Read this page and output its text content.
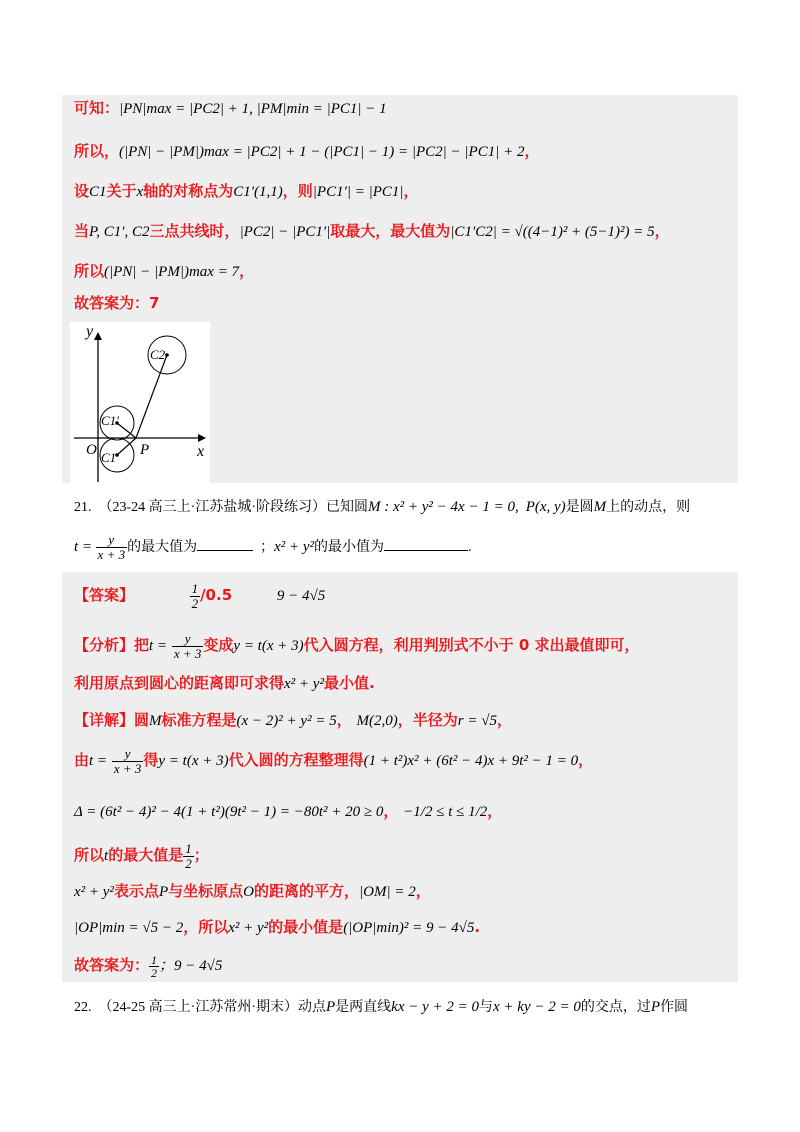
可知：|PN|max = |PC2| + 1, |PM|min = |PC1| − 1
所以，(|PN| − |PM|)max = |PC2| + 1 − (|PC1| − 1) = |PC2| − |PC1| + 2，
设C1关于x轴的对称点为C1′(1,1)，则|PC1′| = |PC1|，
当P, C1′, C2三点共线时，|PC2| − |PC1′|取最大，最大值为|C1′C2| = √((4−1)² + (5−1)²) = 5，
所以(|PN| − |PM|)max = 7，
故答案为：7
y
x
O	P
C2
C1′
C1
21. （23-24 高三上·江苏盐城·阶段练习）已知圆M : x² + y² − 4x − 1 = 0, P(x, y)是圆M上的动点，则
$t = \frac{y}{x + 3}$ 的最大值为	；x² + y²的最小值为	.
【答案】	$\frac{1}{2} /0.5$	9 − 4√5
【分析】把$t = \frac{y}{x + 3}$ 变成y = t(x + 3)代入圆方程，利用判别式不小于 0 求出最值即可，
利用原点到圆心的距离即可求得x² + y²最小值.
【详解】圆M标准方程是(x − 2)² + y² = 5， M(2,0)，半径为r = √5，
由$t = \frac{y}{x + 3}$ 得y = t(x + 3)代入圆的方程整理得(1 + t²)x² + (6t² − 4)x + 9t² − 1 = 0，
Δ = (6t² − 4)² − 4(1 + t²)(9t² − 1) = −80t² + 20 ≥ 0， −1/2 ≤ t ≤ 1/2，
所以t的最大值是 $\frac{1}{2}$ ；
x² + y²表示点P与坐标原点O的距离的平方，|OM| = 2，
|OP|min = √5 − 2，所以x² + y²的最小值是(|OP|min)² = 9 − 4√5.
故答案为： $\frac{1}{2}$ ；9 − 4√5
22. （24-25 高三上·江苏常州·期末）动点P是两直线kx − y + 2 = 0与x + ky − 2 = 0的交点，过P作圆
